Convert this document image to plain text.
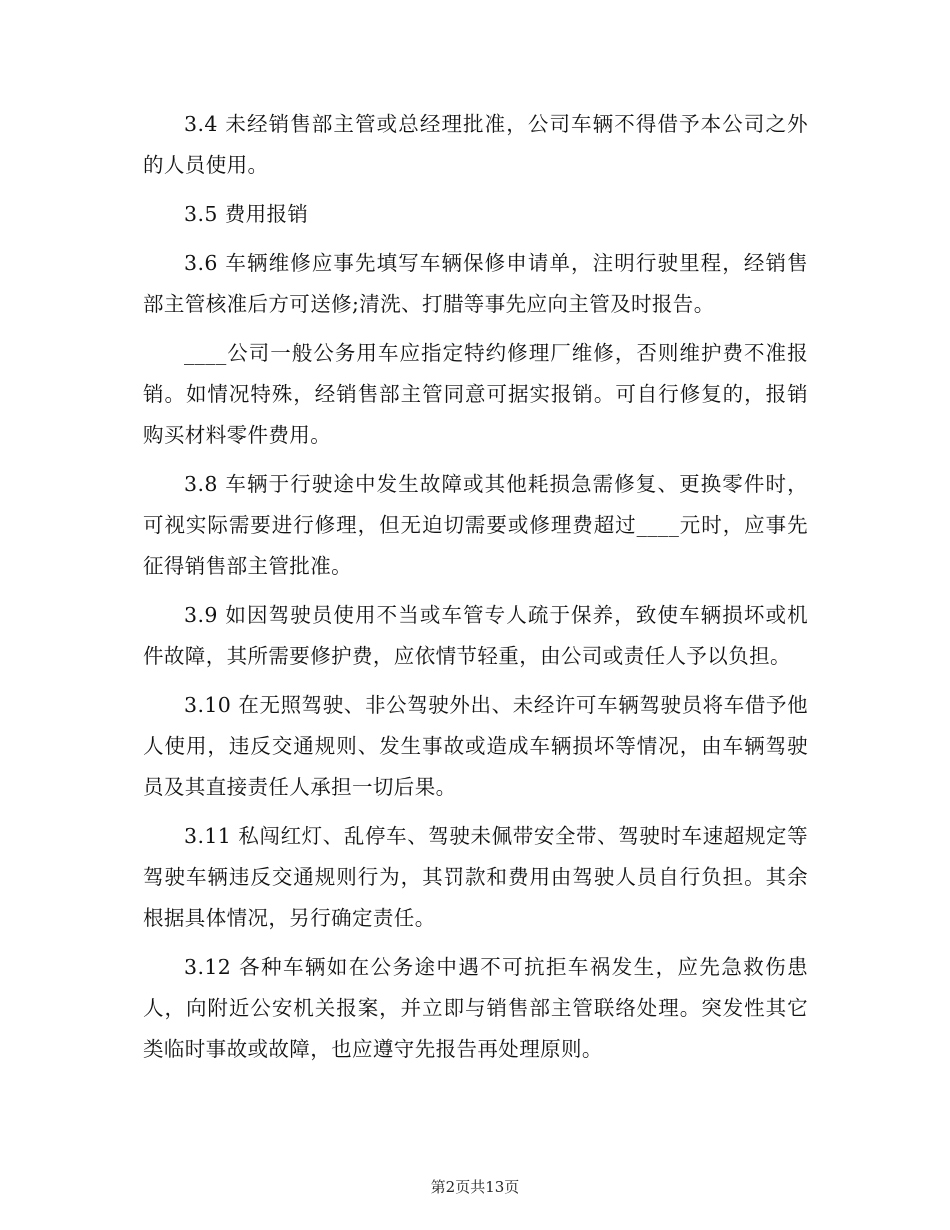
3.4 未经销售部主管或总经理批准，公司车辆不得借予本公司之外的人员使用。

3.5 费用报销

3.6 车辆维修应事先填写车辆保修申请单，注明行驶里程，经销售部主管核准后方可送修;清洗、打腊等事先应向主管及时报告。

____公司一般公务用车应指定特约修理厂维修，否则维护费不准报销。如情况特殊，经销售部主管同意可据实报销。可自行修复的，报销购买材料零件费用。

3.8 车辆于行驶途中发生故障或其他耗损急需修复、更换零件时，可视实际需要进行修理，但无迫切需要或修理费超过____元时，应事先征得销售部主管批准。

3.9 如因驾驶员使用不当或车管专人疏于保养，致使车辆损坏或机件故障，其所需要修护费，应依情节轻重，由公司或责任人予以负担。

3.10 在无照驾驶、非公驾驶外出、未经许可车辆驾驶员将车借予他人使用，违反交通规则、发生事故或造成车辆损坏等情况，由车辆驾驶员及其直接责任人承担一切后果。

3.11 私闯红灯、乱停车、驾驶未佩带安全带、驾驶时车速超规定等驾驶车辆违反交通规则行为，其罚款和费用由驾驶人员自行负担。其余根据具体情况，另行确定责任。

3.12 各种车辆如在公务途中遇不可抗拒车祸发生，应先急救伤患人，向附近公安机关报案，并立即与销售部主管联络处理。突发性其它类临时事故或故障，也应遵守先报告再处理原则。

第2页共13页
